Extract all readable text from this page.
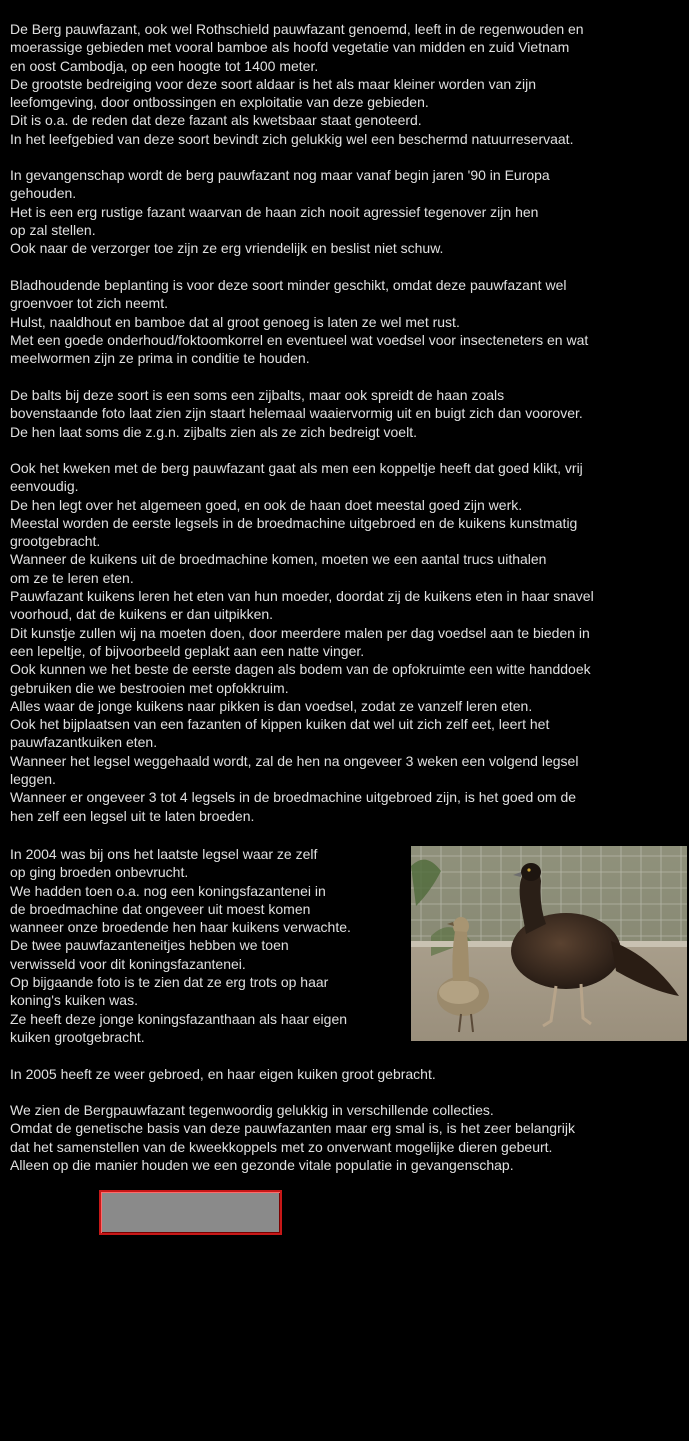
De Berg pauwfazant, ook wel Rothschield pauwfazant genoemd, leeft in de regenwouden en
moerassige gebieden met vooral bamboe als hoofd vegetatie van midden en zuid Vietnam
en oost Cambodja, op een hoogte tot 1400 meter.
De grootste bedreiging voor deze soort aldaar is het als maar kleiner worden van zijn
leefomgeving, door ontbossingen en exploitatie van deze gebieden.
Dit is o.a. de reden dat deze fazant als kwetsbaar staat genoteerd.
In het leefgebied van deze soort bevindt zich gelukkig wel een beschermd natuurreservaat.
In gevangenschap wordt de berg pauwfazant nog maar vanaf begin jaren '90 in Europa
gehouden.
Het is een erg rustige fazant waarvan de haan zich nooit agressief tegenover zijn hen
op zal stellen.
Ook naar de verzorger toe zijn ze erg vriendelijk en beslist niet schuw.
Bladhoudende beplanting is voor deze soort minder geschikt, omdat deze pauwfazant wel
groenvoer tot zich neemt.
Hulst, naaldhout en bamboe dat al groot genoeg is laten ze wel met rust.
Met een goede onderhoud/foktoomkorrel en eventueel wat voedsel voor insecteneters en wat
meelwormen zijn ze prima in conditie te houden.
De balts bij deze soort is een soms een zijbalts, maar ook spreidt de haan zoals
bovenstaande foto laat zien zijn staart helemaal waaiervormig uit en buigt zich dan voorover.
De hen laat soms die z.g.n. zijbalts zien als ze zich bedreigt voelt.
Ook het kweken met de berg pauwfazant gaat als men een koppeltje heeft dat goed klikt, vrij
eenvoudig.
De hen legt over het algemeen goed, en ook de haan doet meestal goed zijn werk.
Meestal worden de eerste legsels in de broedmachine uitgebroed en de kuikens kunstmatig
grootgebracht.
Wanneer de kuikens uit de broedmachine komen, moeten we een aantal trucs uithalen
om ze te leren eten.
Pauwfazant kuikens leren het eten van hun moeder, doordat zij de kuikens eten in haar snavel
voorhoud, dat de kuikens er dan uitpikken.
Dit kunstje zullen wij na moeten doen, door meerdere malen per dag voedsel aan te bieden in
een lepeltje, of bijvoorbeeld geplakt aan een natte vinger.
Ook kunnen we het beste de eerste dagen als bodem van de opfokruimte een witte handdoek
gebruiken die we bestrooien met opfokkruim.
Alles waar de jonge kuikens naar pikken is dan voedsel, zodat ze vanzelf leren eten.
Ook het bijplaatsen van een fazanten of kippen kuiken dat wel uit zich zelf eet, leert het
pauwfazantkuiken eten.
Wanneer het legsel weggehaald wordt, zal de hen na ongeveer 3 weken een volgend legsel
leggen.
Wanneer er ongeveer 3 tot 4 legsels in de broedmachine uitgebroed zijn, is het goed om de
hen zelf een legsel uit te laten broeden.
In 2004 was bij ons het laatste legsel waar ze zelf
op ging broeden onbevrucht.
We hadden toen o.a. nog een koningsfazantenei in
de broedmachine dat ongeveer uit moest komen
wanneer onze broedende hen haar kuikens verwachte.
De twee pauwfazanteneitjes hebben we toen
verwisseld voor dit koningsfazantenei.
Op bijgaande foto is te zien dat ze erg trots op haar
koning's kuiken was.
Ze heeft deze jonge koningsfazanthaan als haar eigen
kuiken grootgebracht.
In 2005 heeft ze weer gebroed, en haar eigen kuiken groot gebracht.
We zien de Bergpauwfazant tegenwoordig gelukkig in verschillende collecties.
Omdat de genetische basis van deze pauwfazanten maar erg smal is, is het zeer belangrijk
dat het samenstellen van de kweekkoppels met zo onverwant mogelijke dieren gebeurt.
Alleen op die manier houden we een gezonde vitale populatie in gevangenschap.
